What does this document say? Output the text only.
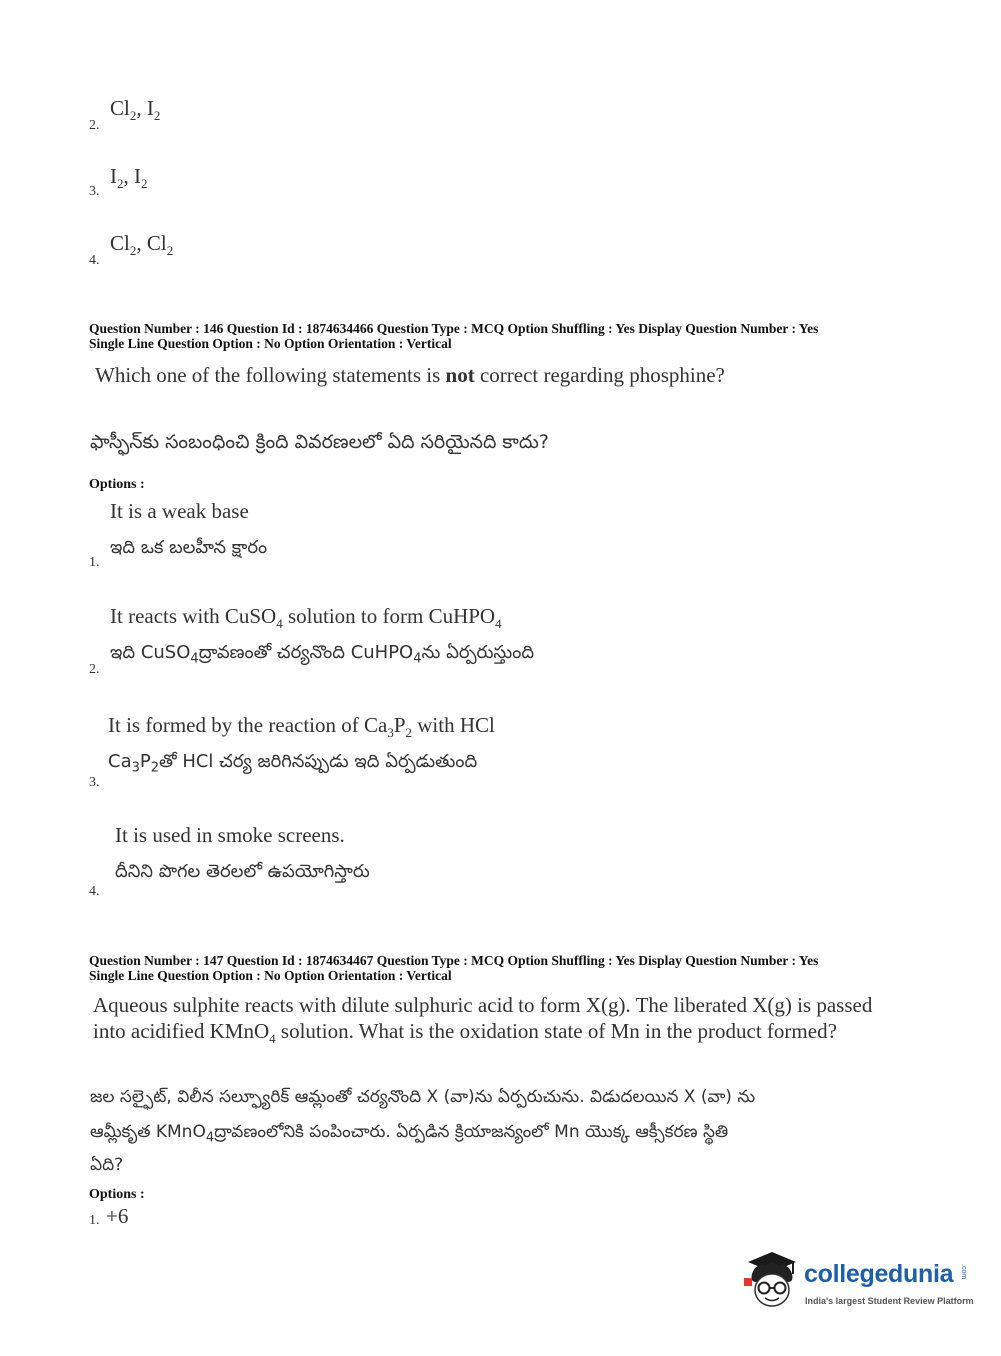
2.
$Cl_2$, $I_2$
3.
$I_2$, $I_2$
4.
$Cl_2$, $Cl_2$
Question Number : 146 Question Id : 1874634466 Question Type : MCQ Option Shuffling : Yes Display Question Number : Yes
Single Line Question Option : No Option Orientation : Vertical
Which one of the following statements is not correct regarding phosphine?
ఫాస్ఫీన్‌కు సంబంధించి క్రింది వివరణలలో ఏది సరియైనది కాదు?
Options :
It is a weak base
ఇది ఒక బలహీన క్షారం
1.
It reacts with CuSO$_4$ solution to form CuHPO$_4$
ఇది CuSO$_4$ద్రావణంతో చర్యనొంది CuHPO$_4$ను ఏర్పరుస్తుంది
2.
It is formed by the reaction of $Ca_3P_2$ with HCl
$Ca_3P_2తో$ HCl చర్య జరిగినప్పుడు ఇది ఏర్పడుతుంది
3.
It is used in smoke screens.
దీనిని పొగల తెరలలో ఉపయోగిస్తారు
4.
Question Number : 147 Question Id : 1874634467 Question Type : MCQ Option Shuffling : Yes Display Question Number : Yes
Single Line Question Option : No Option Orientation : Vertical
Aqueous sulphite reacts with dilute sulphuric acid to form X(g). The liberated X(g) is passed
into acidified KMnO$_4$ solution. What is the oxidation state of Mn in the product formed?
జల సల్ఫైట్, విలీన సల్ఫ్యూరిక్ ఆమ్లంతో చర్యనొంది X (వా)ను ఏర్పరుచును. విడుదలయిన X (వా) ను
ఆమ్లీకృత KMnO$_4$ద్రావణంలోనికి పంపించారు. ఏర్పడిన క్రియాజన్యంలో Mn యొక్క ఆక్సీకరణ స్థితి
ఏది?
Options :
1. +6
collegedunia .com
India's largest Student Review Platform
